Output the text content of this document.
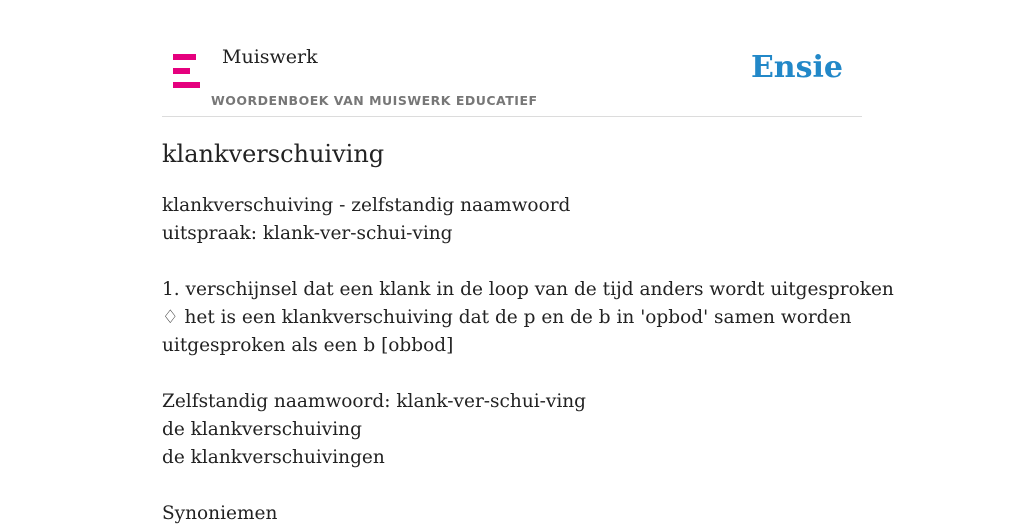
Muiswerk
WOORDENBOEK VAN MUISWERK EDUCATIEF
Ensie
klankverschuiving
klankverschuiving - zelfstandig naamwoord
uitspraak: klank-ver-schui-ving
1. verschijnsel dat een klank in de loop van de tijd anders wordt uitgesproken
♢ het is een klankverschuiving dat de p en de b in 'opbod' samen worden
uitgesproken als een b [obbod]
Zelfstandig naamwoord: klank-ver-schui-ving
de klankverschuiving
de klankverschuivingen
Synoniemen
